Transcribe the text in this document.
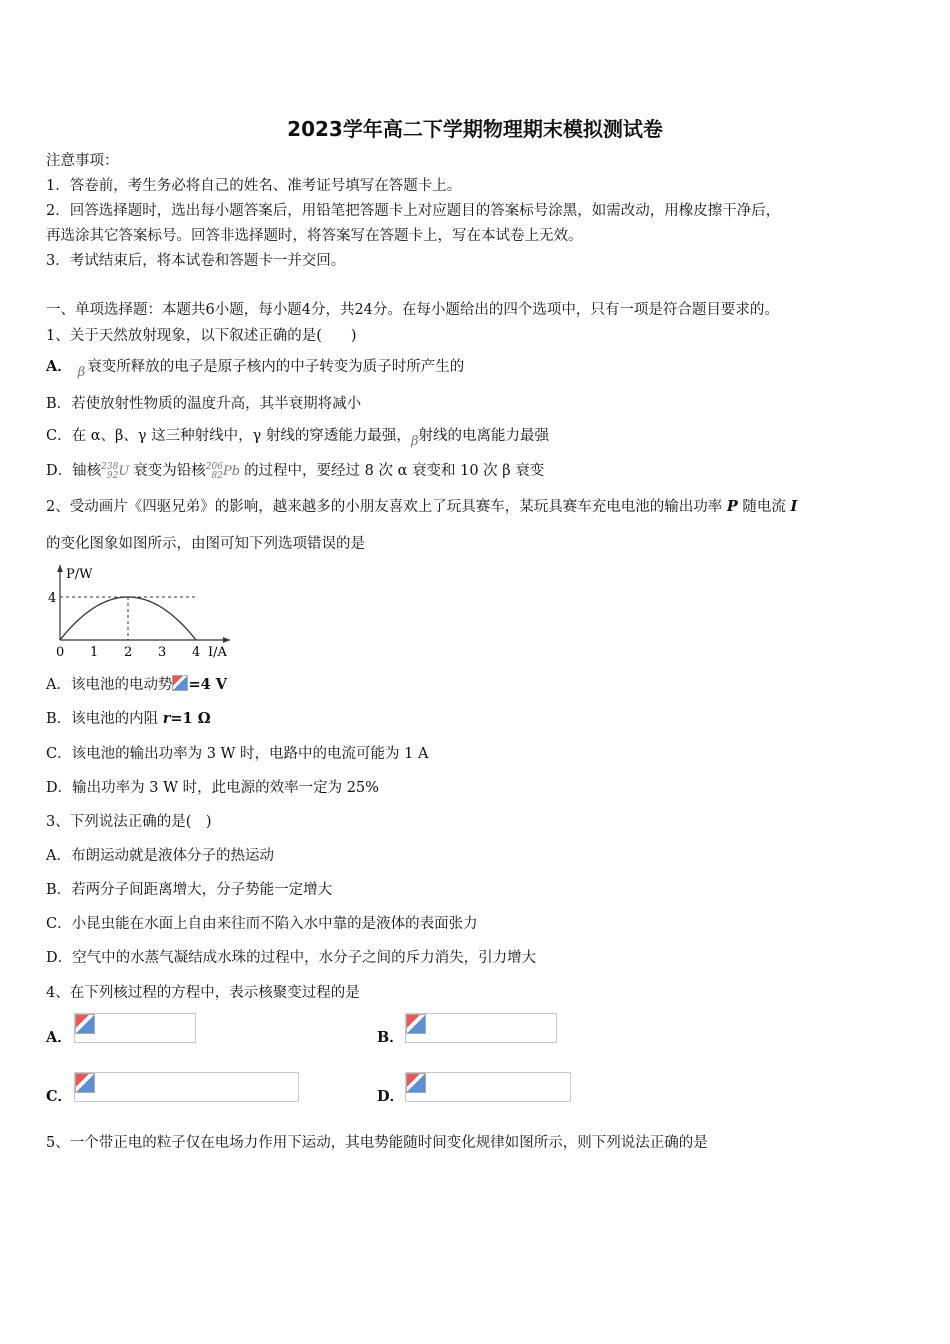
2023学年高二下学期物理期末模拟测试卷
注意事项：
1．答卷前，考生务必将自己的姓名、准考证号填写在答题卡上。
2．回答选择题时，选出每小题答案后，用铅笔把答题卡上对应题目的答案标号涂黑，如需改动，用橡皮擦干净后，
再选涂其它答案标号。回答非选择题时，将答案写在答题卡上，写在本试卷上无效。
3．考试结束后，将本试卷和答题卡一并交回。
一、单项选择题：本题共6小题，每小题4分，共24分。在每小题给出的四个选项中，只有一项是符合题目要求的。
1、关于天然放射现象，以下叙述正确的是(　　)
A． β 衰变所释放的电子是原子核内的中子转变为质子时所产生的
B．若使放射性物质的温度升高，其半衰期将减小
C．在 α、β、γ 这三种射线中，γ 射线的穿透能力最强，β射线的电离能力最强
D．铀核238
92U 衰变为铅核206
82Pb 的过程中，要经过 8 次 α 衰变和 10 次 β 衰变
2、受动画片《四驱兄弟》的影响，越来越多的小朋友喜欢上了玩具赛车，某玩具赛车充电电池的输出功率 P 随电流 I
的变化图象如图所示，由图可知下列选项错误的是
P/W
I/A
0 1 2 3 4
4
A．该电池的电动势 =4 V
B．该电池的内阻 r=1 Ω
C．该电池的输出功率为 3 W 时，电路中的电流可能为 1 A
D．输出功率为 3 W 时，此电源的效率一定为 25%
3、下列说法正确的是(　)
A．布朗运动就是液体分子的热运动
B．若两分子间距离增大，分子势能一定增大
C．小昆虫能在水面上自由来往而不陷入水中靠的是液体的表面张力
D．空气中的水蒸气凝结成水珠的过程中，水分子之间的斥力消失，引力增大
4、在下列核过程的方程中，表示核聚变过程的是
A．	B．
C．	D．
5、一个带正电的粒子仅在电场力作用下运动，其电势能随时间变化规律如图所示，则下列说法正确的是
